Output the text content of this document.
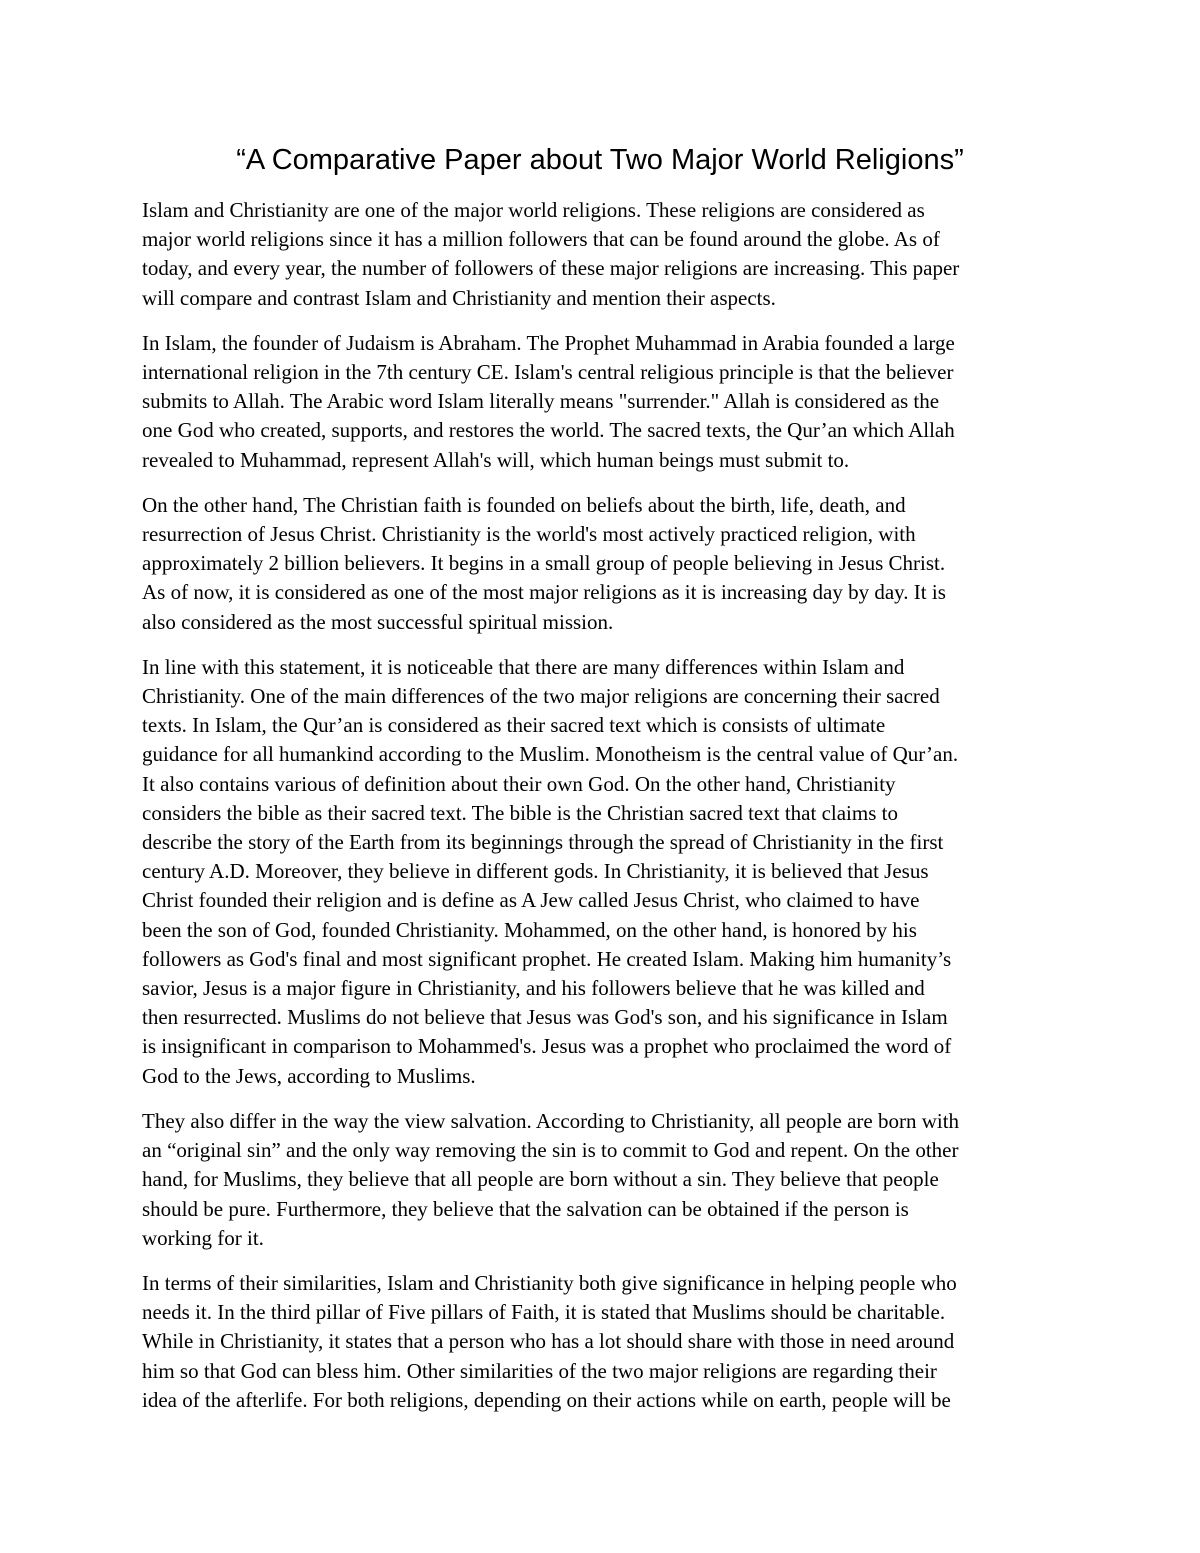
“A Comparative Paper about Two Major World Religions”

Islam and Christianity are one of the major world religions. These religions are considered as
major world religions since it has a million followers that can be found around the globe. As of
today, and every year, the number of followers of these major religions are increasing. This paper
will compare and contrast Islam and Christianity and mention their aspects.

In Islam, the founder of Judaism is Abraham. The Prophet Muhammad in Arabia founded a large
international religion in the 7th century CE. Islam's central religious principle is that the believer
submits to Allah. The Arabic word Islam literally means "surrender." Allah is considered as the
one God who created, supports, and restores the world. The sacred texts, the Qur’an which Allah
revealed to Muhammad, represent Allah's will, which human beings must submit to.

On the other hand, The Christian faith is founded on beliefs about the birth, life, death, and
resurrection of Jesus Christ. Christianity is the world's most actively practiced religion, with
approximately 2 billion believers. It begins in a small group of people believing in Jesus Christ.
As of now, it is considered as one of the most major religions as it is increasing day by day. It is
also considered as the most successful spiritual mission.

In line with this statement, it is noticeable that there are many differences within Islam and
Christianity. One of the main differences of the two major religions are concerning their sacred
texts. In Islam, the Qur’an is considered as their sacred text which is consists of ultimate
guidance for all humankind according to the Muslim. Monotheism is the central value of Qur’an.
It also contains various of definition about their own God. On the other hand, Christianity
considers the bible as their sacred text. The bible is the Christian sacred text that claims to
describe the story of the Earth from its beginnings through the spread of Christianity in the first
century A.D. Moreover, they believe in different gods. In Christianity, it is believed that Jesus
Christ founded their religion and is define as A Jew called Jesus Christ, who claimed to have
been the son of God, founded Christianity. Mohammed, on the other hand, is honored by his
followers as God's final and most significant prophet. He created Islam. Making him humanity’s
savior, Jesus is a major figure in Christianity, and his followers believe that he was killed and
then resurrected. Muslims do not believe that Jesus was God's son, and his significance in Islam
is insignificant in comparison to Mohammed's. Jesus was a prophet who proclaimed the word of
God to the Jews, according to Muslims.

They also differ in the way the view salvation. According to Christianity, all people are born with
an “original sin” and the only way removing the sin is to commit to God and repent. On the other
hand, for Muslims, they believe that all people are born without a sin. They believe that people
should be pure. Furthermore, they believe that the salvation can be obtained if the person is
working for it.

In terms of their similarities, Islam and Christianity both give significance in helping people who
needs it. In the third pillar of Five pillars of Faith, it is stated that Muslims should be charitable.
While in Christianity, it states that a person who has a lot should share with those in need around
him so that God can bless him. Other similarities of the two major religions are regarding their
idea of the afterlife. For both religions, depending on their actions while on earth, people will be
